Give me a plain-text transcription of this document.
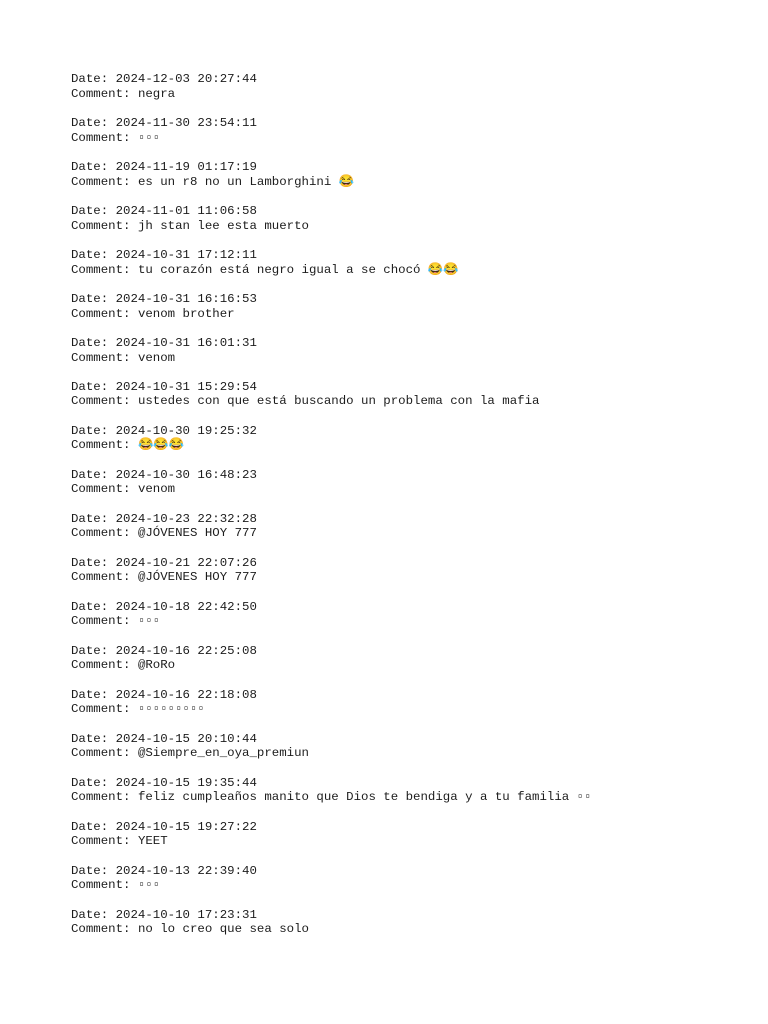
Date: 2024-12-03 20:27:44
Comment: negra
Date: 2024-11-30 23:54:11
Comment: ▫▫▫
Date: 2024-11-19 01:17:19
Comment: es un r8 no un Lamborghini 😂
Date: 2024-11-01 11:06:58
Comment: jh stan lee esta muerto
Date: 2024-10-31 17:12:11
Comment: tu corazón está negro igual a se chocó 😂😂
Date: 2024-10-31 16:16:53
Comment: venom brother
Date: 2024-10-31 16:01:31
Comment: venom
Date: 2024-10-31 15:29:54
Comment: ustedes con que está buscando un problema con la mafia
Date: 2024-10-30 19:25:32
Comment: 😂😂😂
Date: 2024-10-30 16:48:23
Comment: venom
Date: 2024-10-23 22:32:28
Comment: @JÓVENES HOY 777
Date: 2024-10-21 22:07:26
Comment: @JÓVENES HOY 777
Date: 2024-10-18 22:42:50
Comment: ▫▫▫
Date: 2024-10-16 22:25:08
Comment: @RoRo
Date: 2024-10-16 22:18:08
Comment: ▫▫▫▫▫▫▫▫▫
Date: 2024-10-15 20:10:44
Comment: @Siempre_en_oya_premiun
Date: 2024-10-15 19:35:44
Comment: feliz cumpleaños manito que Dios te bendiga y a tu familia ▫▫
Date: 2024-10-15 19:27:22
Comment: YEET
Date: 2024-10-13 22:39:40
Comment: ▫▫▫
Date: 2024-10-10 17:23:31
Comment: no lo creo que sea solo
